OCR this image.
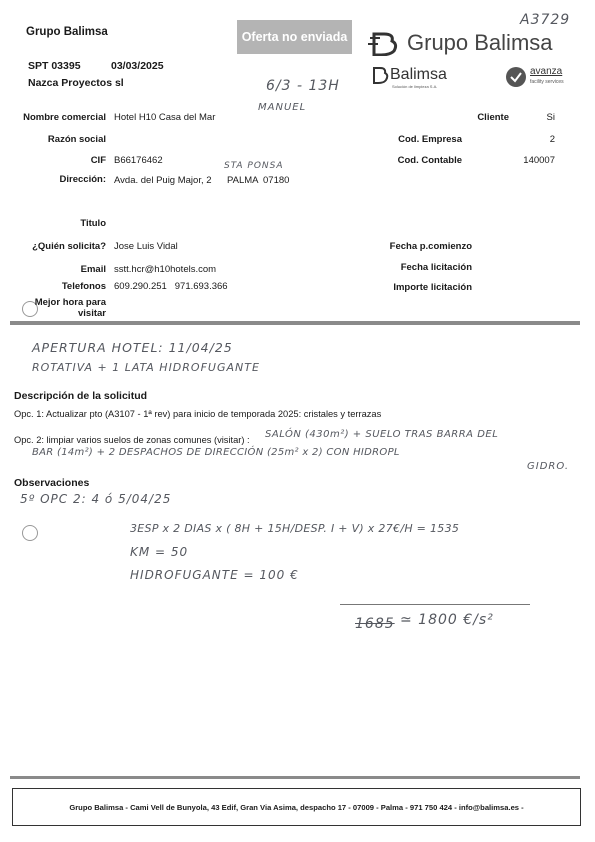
Grupo Balimsa
SPT 03395	03/03/2025
Nazca Proyectos sl
Oferta no enviada	Grupo Balimsa
A3729
Balimsa
Solución de limpieza S.A.
avanza
facility services
6/3 - 13H
MANUEL
Nombre comercial Hotel H10 Casa del Mar
Razón social
CIF B66176462	STA PONSA
Dirección: Avda. del Puig Major, 2 PALMA 07180
Cliente	Si
Cod. Empresa	2
Cod. Contable	140007
Titulo
¿Quién solicita? Jose Luis Vidal
Email sstt.hcr@h10hotels.com
Telefonos 609.290.251   971.693.366
Mejor hora para visitar
Fecha p.comienzo
Fecha licitación
Importe licitación
APERTURA HOTEL: 11/04/25
ROTATIVA + 1 LATA HIDROFUGANTE
Descripción de la solicitud
Opc. 1: Actualizar pto (A3107 - 1ª rev) para inicio de temporada 2025: cristales y terrazas
Opc. 2: limpiar varios suelos de zonas comunes (visitar) : SALÓN (430m²) + SUELO TRAS BARRA DEL
BAR (14m²) + 2 DESPACHOS DE DIRECCIÓN (25m² x 2) CON HIDROPL
GIDRO.
Observaciones
5º OPC 2: 4 ó 5/04/25
3ESP x 2 DIAS x ( 8H + 15H/DESP. I + V) x 27€/H = 1535
KM = 50
HIDROFUGANTE = 100 €
1685 ≃ 1800 €/s²
Grupo Balimsa - Cami Vell de Bunyola, 43 Edif, Gran Via Asima, despacho 17 - 07009 - Palma - 971 750 424 - info@balimsa.es -
